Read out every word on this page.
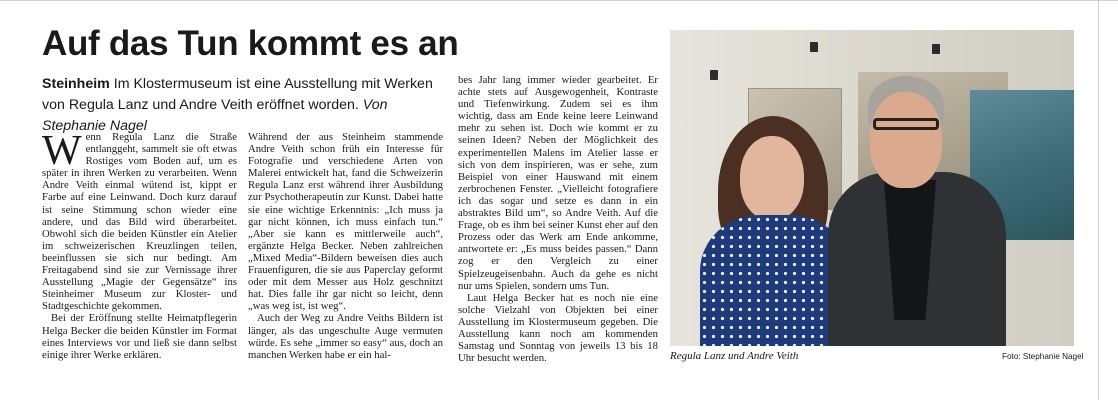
Auf das Tun kommt es an
Steinheim Im Klostermuseum ist eine Ausstellung mit Werken von Regula Lanz und Andre Veith eröffnet worden. Von Stephanie Nagel

Wenn Regula Lanz die Straße entlanggeht, sammelt sie oft etwas Rostiges vom Boden auf, um es später in ihren Werken zu verarbeiten. Wenn Andre Veith einmal wütend ist, kippt er Farbe auf eine Leinwand. Doch kurz darauf ist seine Stimmung schon wieder eine andere, und das Bild wird überarbeitet. Obwohl sich die beiden Künstler ein Atelier im schweizerischen Kreuzlingen teilen, beeinflussen sie sich nur bedingt. Am Freitagabend sind sie zur Vernissage ihrer Ausstellung „Magie der Gegensätze“ ins Steinheimer Museum zur Kloster- und Stadtgeschichte gekommen.

Bei der Eröffnung stellte Heimatpflegerin Helga Becker die beiden Künstler im Format eines Interviews vor und ließ sie dann selbst einige ihrer Werke erklären.

Während der aus Steinheim stammende Andre Veith schon früh ein Interesse für Fotografie und verschiedene Arten von Malerei entwickelt hat, fand die Schweizerin Regula Lanz erst während ihrer Ausbildung zur Psychotherapeutin zur Kunst. Dabei hatte sie eine wichtige Erkenntnis: „Ich muss ja gar nicht können, ich muss einfach tun.“ „Aber sie kann es mittlerweile auch“, ergänzte Helga Becker. Neben zahlreichen „Mixed Media“-Bildern beweisen dies auch Frauenfiguren, die sie aus Paperclay geformt oder mit dem Messer aus Holz geschnitzt hat. Dies falle ihr gar nicht so leicht, denn „was weg ist, ist weg“.

Auch der Weg zu Andre Veiths Bildern ist länger, als das ungeschulte Auge vermuten würde. Es sehe „immer so easy“ aus, doch an manchen Werken habe er ein hal-

bes Jahr lang immer wieder gearbeitet. Er achte stets auf Ausgewogenheit, Kontraste und Tiefenwirkung. Zudem sei es ihm wichtig, dass am Ende keine leere Leinwand mehr zu sehen ist. Doch wie kommt er zu seinen Ideen? Neben der Möglichkeit des experimentellen Malens im Atelier lasse er sich von dem inspirieren, was er sehe, zum Beispiel von einer Hauswand mit einem zerbrochenen Fenster. „Vielleicht fotografiere ich das sogar und setze es dann in ein abstraktes Bild um“, so Andre Veith. Auf die Frage, ob es ihm bei seiner Kunst eher auf den Prozess oder das Werk am Ende ankomme, antwortete er: „Es muss beides passen.“ Dann zog er den Vergleich zu einer Spielzeugeisenbahn. Auch da gehe es nicht nur ums Spielen, sondern ums Tun.

Laut Helga Becker hat es noch nie eine solche Vielzahl von Objekten bei einer Ausstellung im Klostermuseum gegeben. Die Ausstellung kann noch am kommenden Samstag und Sonntag von jeweils 13 bis 18 Uhr besucht werden.	Regula Lanz und Andre Veith	Foto: Stephanie Nagel
